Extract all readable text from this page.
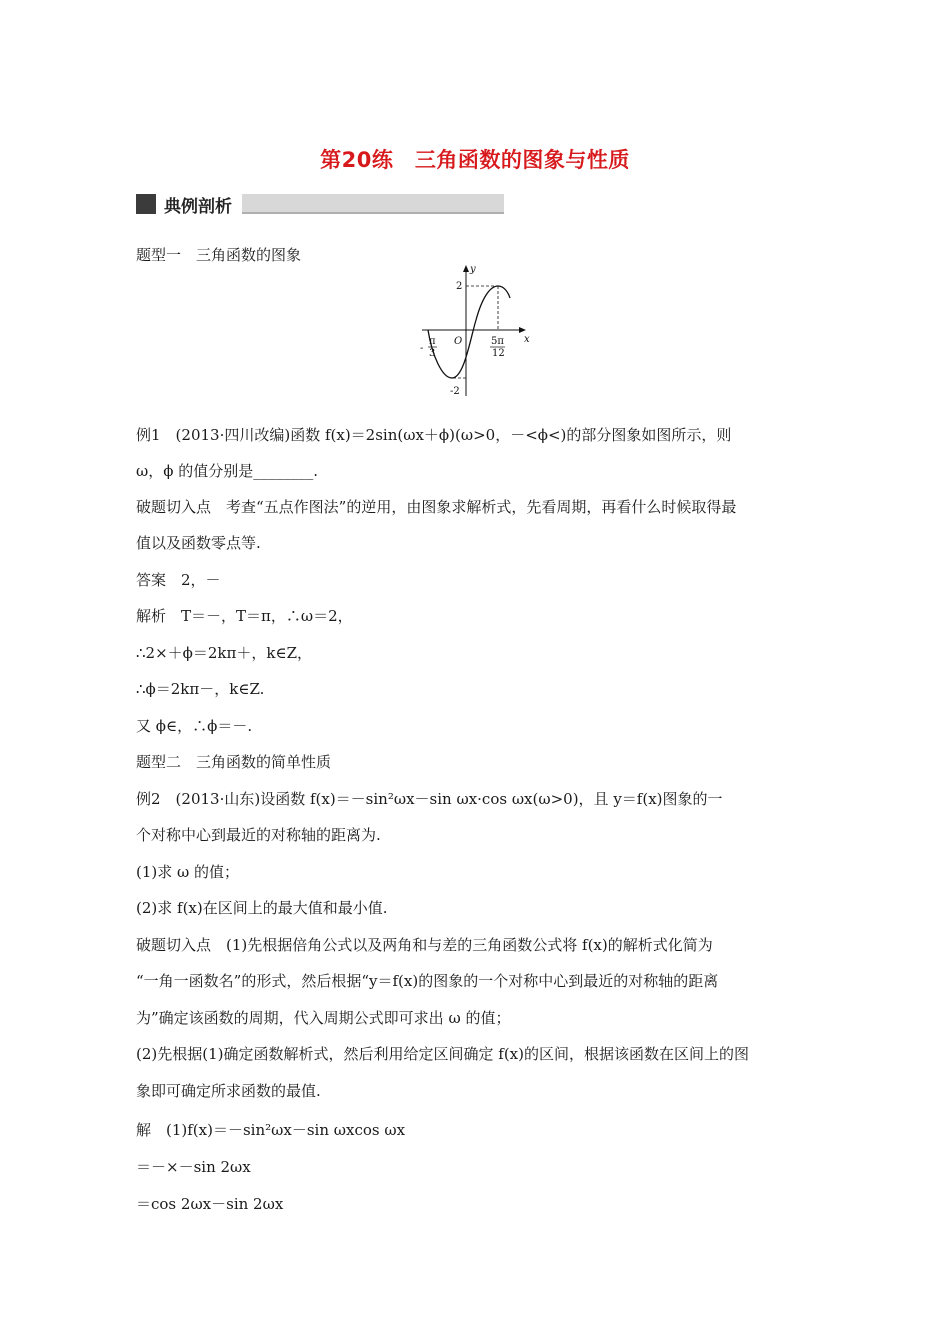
第20练　三角函数的图象与性质
典例剖析
题型一　三角函数的图象
y
x
O
2
-2
-
π
3
5π
12
例1　(2013·四川改编)函数 f(x)＝2sin(ωx＋ϕ)(ω>0，－<ϕ<)的部分图象如图所示，则
ω，ϕ 的值分别是________.
破题切入点　考查“五点作图法”的逆用，由图象求解析式，先看周期，再看什么时候取得最
值以及函数零点等.
答案　2，－
解析　T＝－，T＝π，∴ω＝2，
∴2×＋ϕ＝2kπ＋，k∈Z，
∴ϕ＝2kπ－，k∈Z.
又 ϕ∈，∴ϕ＝－.
题型二　三角函数的简单性质
例2　(2013·山东)设函数 f(x)＝－sin²ωx－sin ωx·cos ωx(ω>0)，且 y＝f(x)图象的一
个对称中心到最近的对称轴的距离为.
(1)求 ω 的值；
(2)求 f(x)在区间上的最大值和最小值.
破题切入点　(1)先根据倍角公式以及两角和与差的三角函数公式将 f(x)的解析式化简为
“一角一函数名”的形式，然后根据“y＝f(x)的图象的一个对称中心到最近的对称轴的距离
为”确定该函数的周期，代入周期公式即可求出 ω 的值；
(2)先根据(1)确定函数解析式，然后利用给定区间确定 f(x)的区间，根据该函数在区间上的图
象即可确定所求函数的最值.
解　(1)f(x)＝－sin²ωx－sin ωxcos ωx
＝－×－sin 2ωx
＝cos 2ωx－sin 2ωx
